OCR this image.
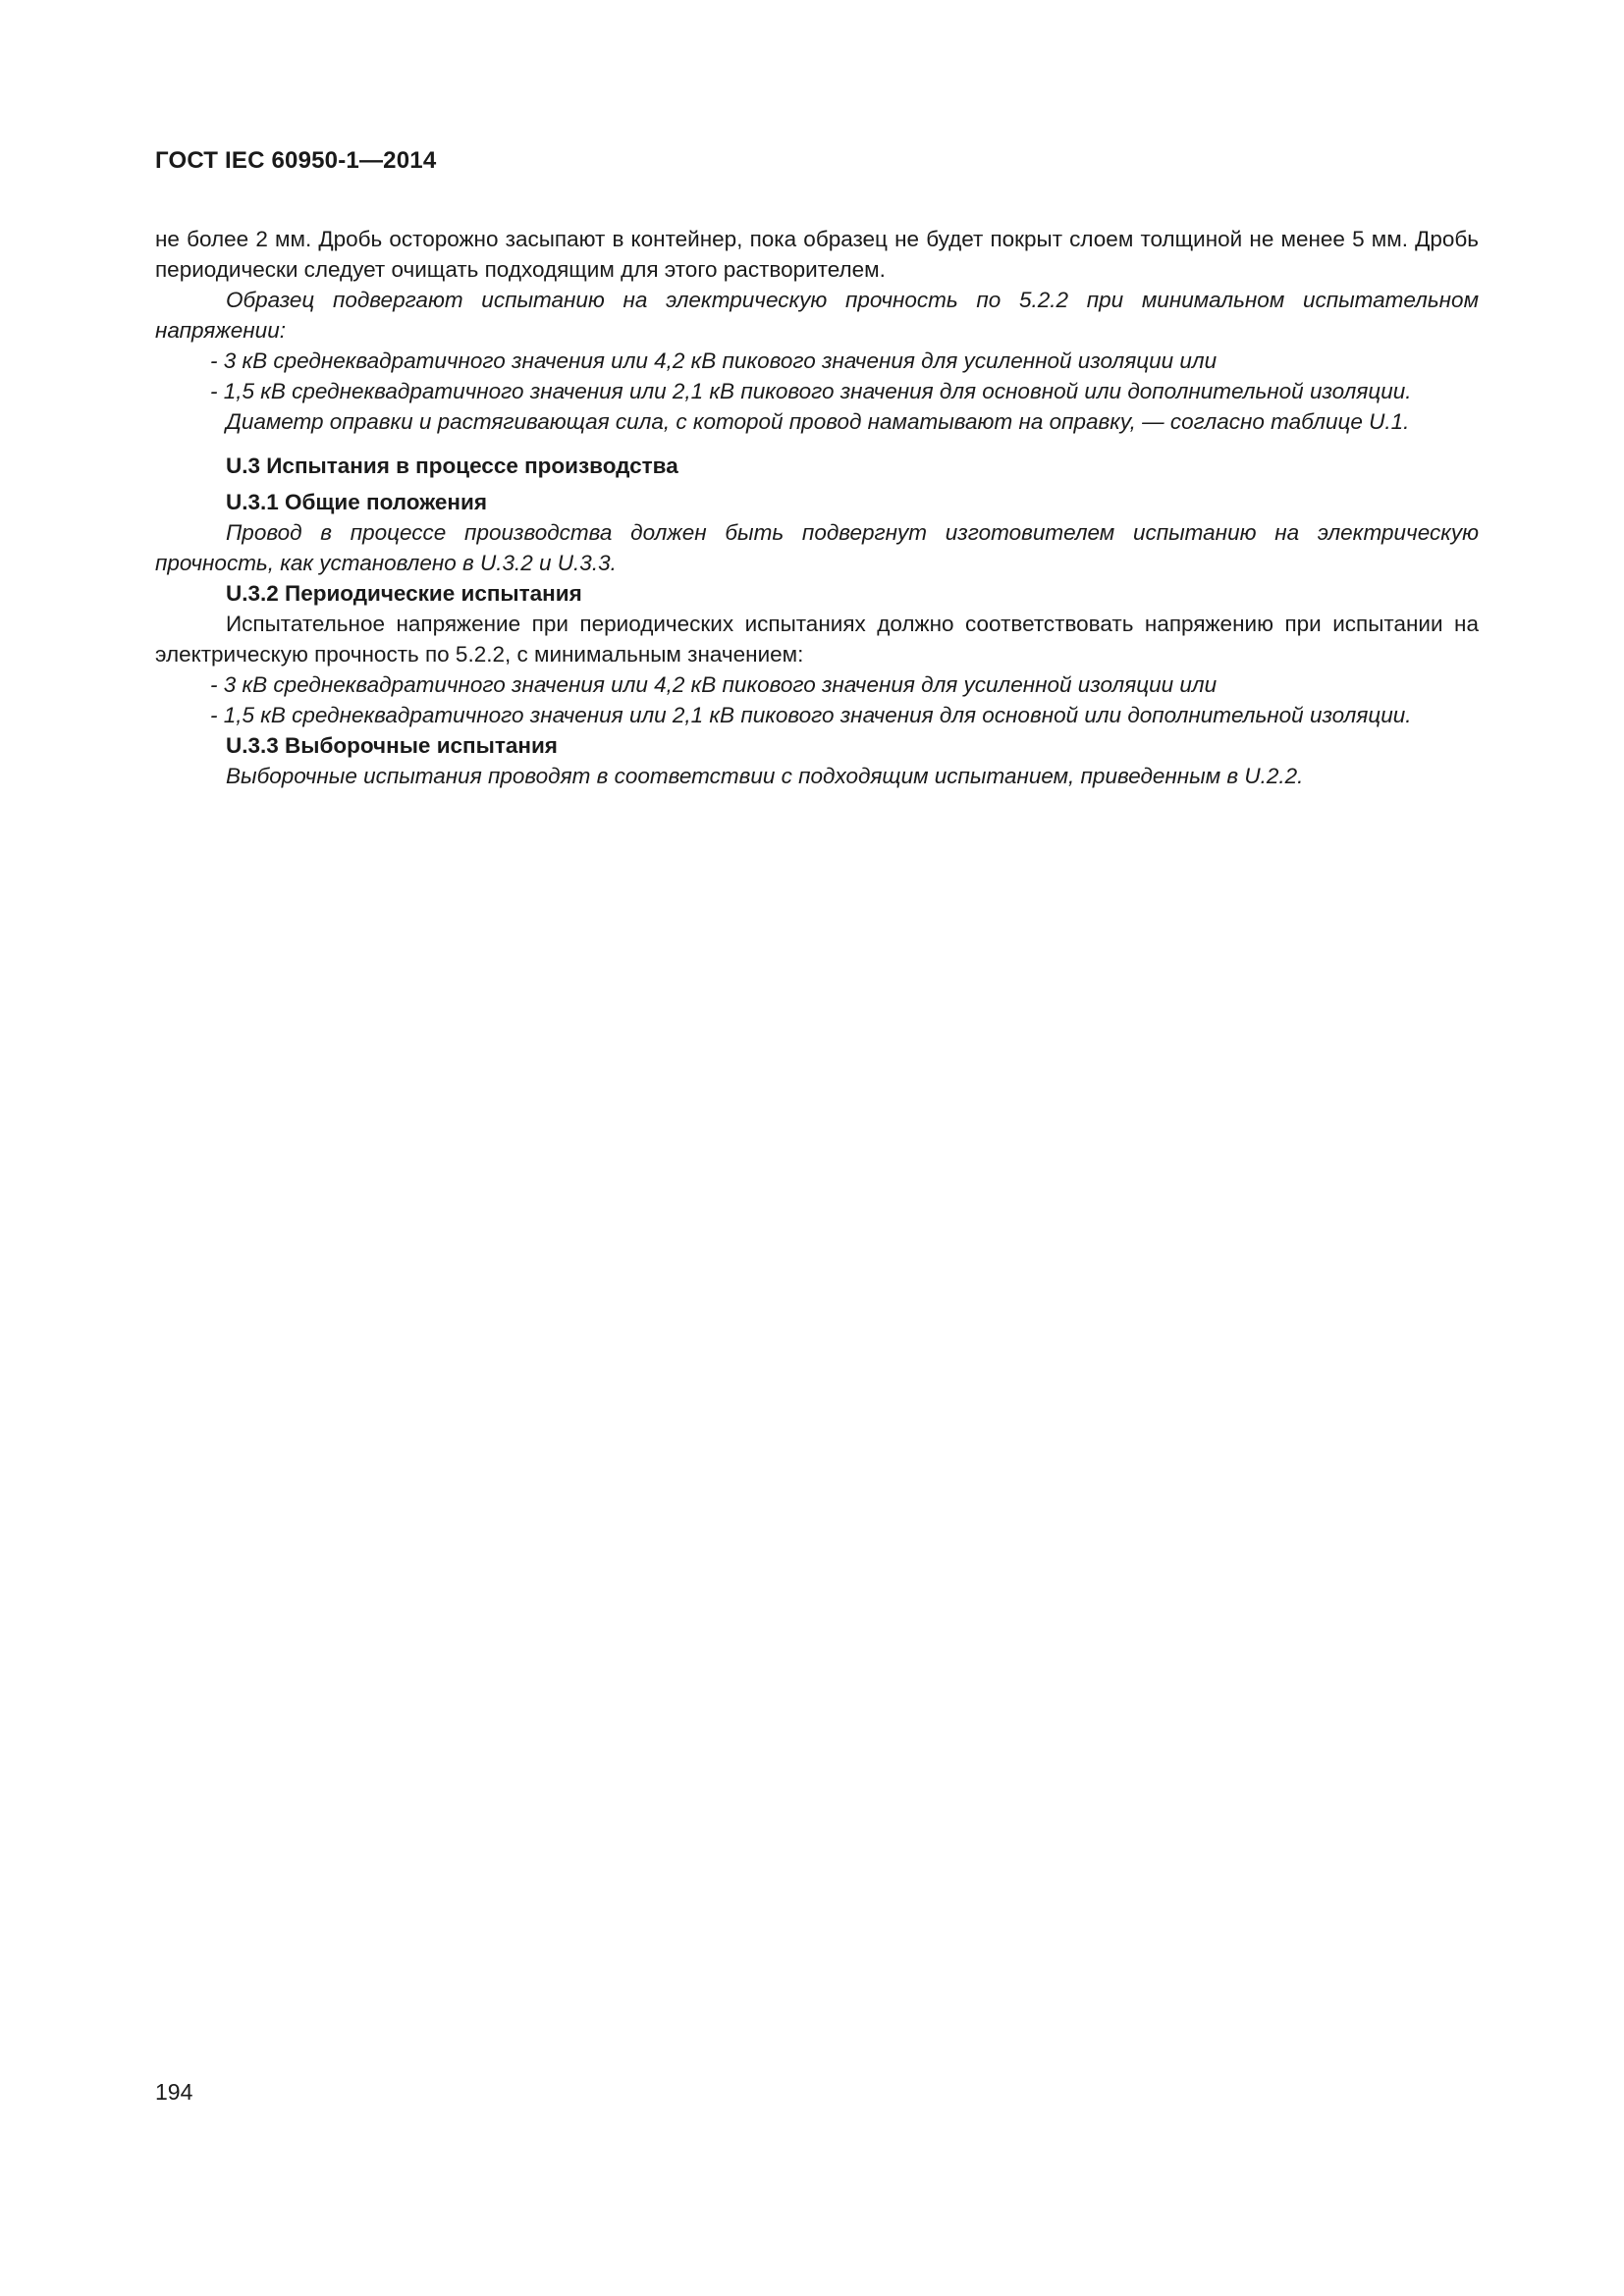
ГОСТ IEC 60950-1—2014

не более 2 мм. Дробь осторожно засыпают в контейнер, пока образец не будет покрыт слоем толщиной не менее 5 мм. Дробь периодически следует очищать подходящим для этого растворителем.

Образец подвергают испытанию на электрическую прочность по 5.2.2 при минимальном испытательном напряжении:

- 3 кВ среднеквадратичного значения или 4,2 кВ пикового значения для усиленной изоляции или

- 1,5 кВ среднеквадратичного значения или 2,1 кВ пикового значения для основной или дополнительной изоляции.

Диаметр оправки и растягивающая сила, с которой провод наматывают на оправку, — согласно таблице U.1.

U.3 Испытания в процессе производства

U.3.1 Общие положения

Провод в процессе производства должен быть подвергнут изготовителем испытанию на электрическую прочность, как установлено в U.3.2 и U.3.3.

U.3.2 Периодические испытания

Испытательное напряжение при периодических испытаниях должно соответствовать напряжению при испытании на электрическую прочность по 5.2.2, с минимальным значением:

- 3 кВ среднеквадратичного значения или 4,2 кВ пикового значения для усиленной изоляции или

- 1,5 кВ среднеквадратичного значения или 2,1 кВ пикового значения для основной или дополнительной изоляции.

U.3.3 Выборочные испытания

Выборочные испытания проводят в соответствии с подходящим испытанием, приведенным в U.2.2.

194
